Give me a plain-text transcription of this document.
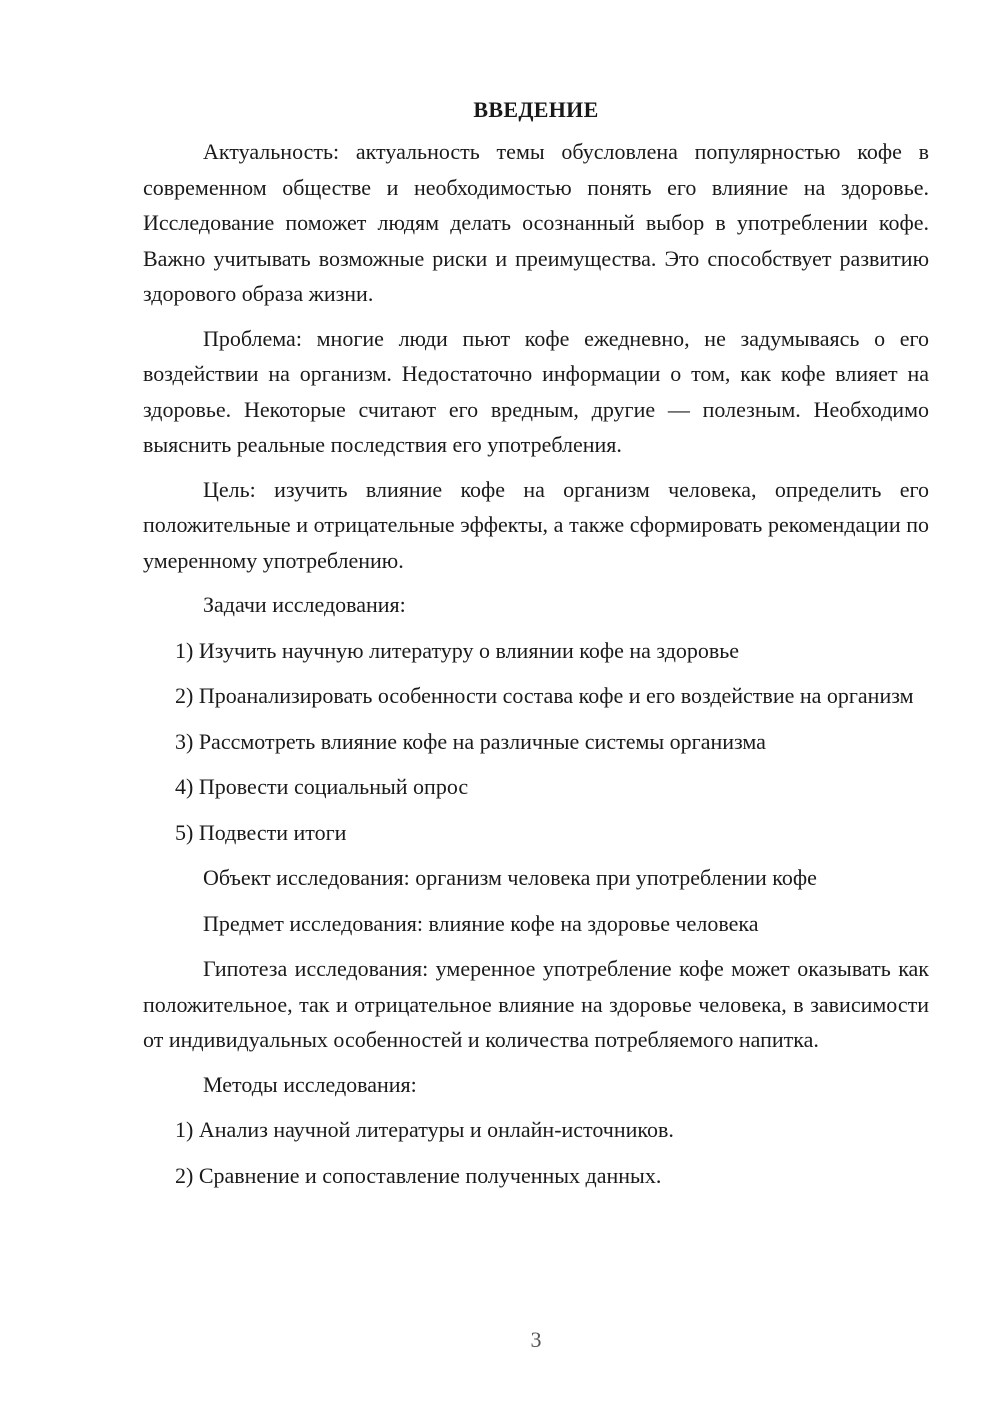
ВВЕДЕНИЕ

Актуальность: актуальность темы обусловлена популярностью кофе в современном обществе и необходимостью понять его влияние на здоровье. Исследование поможет людям делать осознанный выбор в употреблении кофе. Важно учитывать возможные риски и преимущества. Это способствует развитию здорового образа жизни.

Проблема: многие люди пьют кофе ежедневно, не задумываясь о его воздействии на организм. Недостаточно информации о том, как кофе влияет на здоровье. Некоторые считают его вредным, другие — полезным. Необходимо выяснить реальные последствия его употребления.

Цель: изучить влияние кофе на организм человека, определить его положительные и отрицательные эффекты, а также сформировать рекомендации по умеренному употреблению.

Задачи исследования:

1) Изучить научную литературу о влиянии кофе на здоровье

2) Проанализировать особенности состава кофе и его воздействие на организм

3) Рассмотреть влияние кофе на различные системы организма

4) Провести социальный опрос

5) Подвести итоги

Объект исследования: организм человека при употреблении кофе

Предмет исследования: влияние кофе на здоровье человека

Гипотеза исследования: умеренное употребление кофе может оказывать как положительное, так и отрицательное влияние на здоровье человека, в зависимости от индивидуальных особенностей и количества потребляемого напитка.

Методы исследования:

1) Анализ научной литературы и онлайн-источников.

2) Сравнение и сопоставление полученных данных.

3
